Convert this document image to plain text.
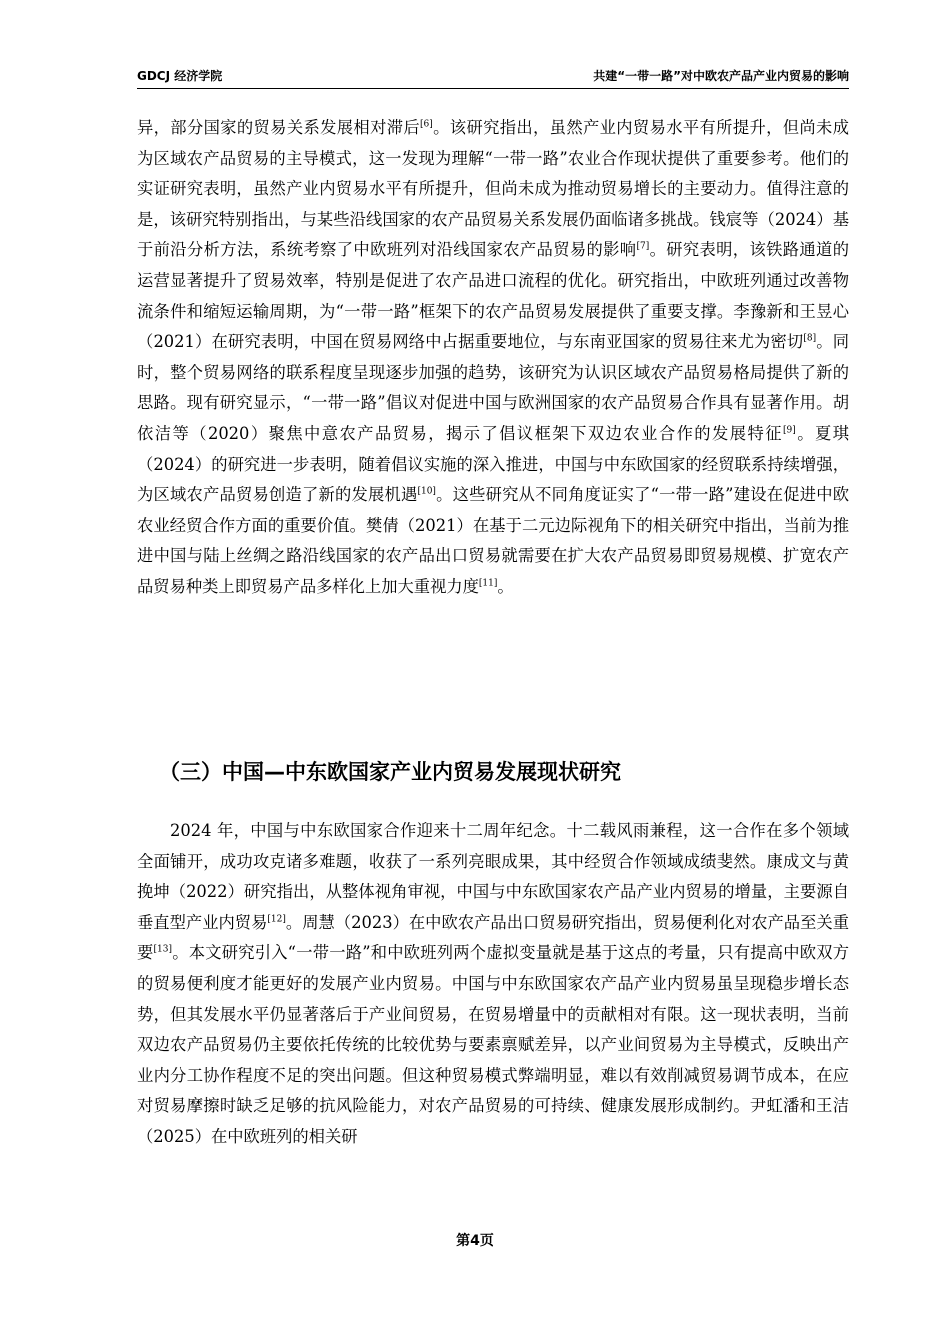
GDCJ 经济学院	共建“一带一路”对中欧农产品产业内贸易的影响

异，部分国家的贸易关系发展相对滞后[6]。该研究指出，虽然产业内贸易水平有所提升，但尚未成为区域农产品贸易的主导模式，这一发现为理解“一带一路”农业合作现状提供了重要参考。他们的实证研究表明，虽然产业内贸易水平有所提升，但尚未成为推动贸易增长的主要动力。值得注意的是，该研究特别指出，与某些沿线国家的农产品贸易关系发展仍面临诸多挑战。钱宸等（2024）基于前沿分析方法，系统考察了中欧班列对沿线国家农产品贸易的影响[7]。研究表明，该铁路通道的运营显著提升了贸易效率，特别是促进了农产品进口流程的优化。研究指出，中欧班列通过改善物流条件和缩短运输周期，为“一带一路”框架下的农产品贸易发展提供了重要支撑。李豫新和王昱心（2021）在研究表明，中国在贸易网络中占据重要地位，与东南亚国家的贸易往来尤为密切[8]。同时，整个贸易网络的联系程度呈现逐步加强的趋势，该研究为认识区域农产品贸易格局提供了新的思路。现有研究显示，“一带一路”倡议对促进中国与欧洲国家的农产品贸易合作具有显著作用。胡依洁等（2020）聚焦中意农产品贸易，揭示了倡议框架下双边农业合作的发展特征[9]。夏琪（2024）的研究进一步表明，随着倡议实施的深入推进，中国与中东欧国家的经贸联系持续增强，为区域农产品贸易创造了新的发展机遇[10]。这些研究从不同角度证实了“一带一路”建设在促进中欧农业经贸合作方面的重要价值。樊倩（2021）在基于二元边际视角下的相关研究中指出，当前为推进中国与陆上丝绸之路沿线国家的农产品出口贸易就需要在扩大农产品贸易即贸易规模、扩宽农产品贸易种类上即贸易产品多样化上加大重视力度[11]。

（三）中国—中东欧国家产业内贸易发展现状研究

2024 年，中国与中东欧国家合作迎来十二周年纪念。十二载风雨兼程，这一合作在多个领域全面铺开，成功攻克诸多难题，收获了一系列亮眼成果，其中经贸合作领域成绩斐然。康成文与黄挽坤（2022）研究指出，从整体视角审视，中国与中东欧国家农产品产业内贸易的增量，主要源自垂直型产业内贸易[12]。周慧（2023）在中欧农产品出口贸易研究指出，贸易便利化对农产品至关重要[13]。本文研究引入“一带一路”和中欧班列两个虚拟变量就是基于这点的考量，只有提高中欧双方的贸易便利度才能更好的发展产业内贸易。中国与中东欧国家农产品产业内贸易虽呈现稳步增长态势，但其发展水平仍显著落后于产业间贸易，在贸易增量中的贡献相对有限。这一现状表明，当前双边农产品贸易仍主要依托传统的比较优势与要素禀赋差异，以产业间贸易为主导模式，反映出产业内分工协作程度不足的突出问题。但这种贸易模式弊端明显，难以有效削减贸易调节成本，在应对贸易摩擦时缺乏足够的抗风险能力，对农产品贸易的可持续、健康发展形成制约。尹虹潘和王洁（2025）在中欧班列的相关研

第4页
